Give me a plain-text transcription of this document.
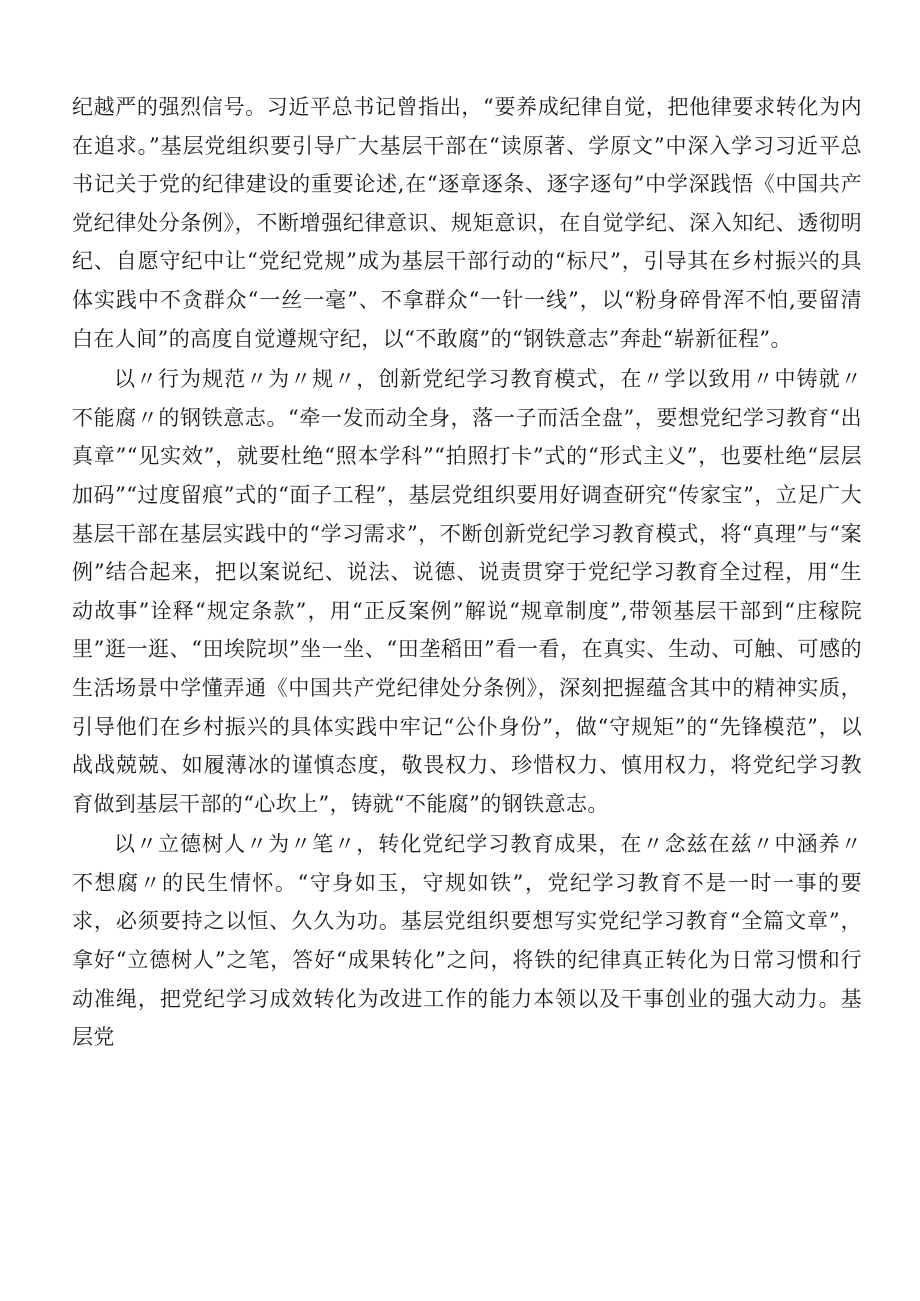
纪越严的强烈信号。习近平总书记曾指出，“要养成纪律自觉，把他律要求转化为内在追求。”基层党组织要引导广大基层干部在“读原著、学原文”中深入学习习近平总书记关于党的纪律建设的重要论述,在“逐章逐条、逐字逐句”中学深践悟《中国共产党纪律处分条例》，不断增强纪律意识、规矩意识，在自觉学纪、深入知纪、透彻明纪、自愿守纪中让“党纪党规”成为基层干部行动的“标尺”，引导其在乡村振兴的具体实践中不贪群众“一丝一毫”、不拿群众“一针一线”，以“粉身碎骨浑不怕,要留清白在人间”的高度自觉遵规守纪，以“不敢腐”的“钢铁意志”奔赴“崭新征程”。

以〃行为规范〃为〃规〃，创新党纪学习教育模式，在〃学以致用〃中铸就〃不能腐〃的钢铁意志。“牵一发而动全身，落一子而活全盘”，要想党纪学习教育“出真章”“见实效”，就要杜绝“照本学科”“拍照打卡”式的“形式主义”，也要杜绝“层层加码”“过度留痕”式的“面子工程”，基层党组织要用好调查研究“传家宝”，立足广大基层干部在基层实践中的“学习需求”，不断创新党纪学习教育模式，将“真理”与“案例”结合起来，把以案说纪、说法、说德、说责贯穿于党纪学习教育全过程，用“生动故事”诠释“规定条款”，用“正反案例”解说“规章制度”,带领基层干部到“庄稼院里”逛一逛、“田埃院坝”坐一坐、“田垄稻田”看一看，在真实、生动、可触、可感的生活场景中学懂弄通《中国共产党纪律处分条例》，深刻把握蕴含其中的精神实质，引导他们在乡村振兴的具体实践中牢记“公仆身份”，做“守规矩”的“先锋模范”，以战战兢兢、如履薄冰的谨慎态度，敬畏权力、珍惜权力、慎用权力，将党纪学习教育做到基层干部的“心坎上”，铸就“不能腐”的钢铁意志。

以〃立德树人〃为〃笔〃，转化党纪学习教育成果，在〃念兹在兹〃中涵养〃不想腐〃的民生情怀。“守身如玉，守规如铁”，党纪学习教育不是一时一事的要求，必须要持之以恒、久久为功。基层党组织要想写实党纪学习教育“全篇文章”，拿好“立德树人”之笔，答好“成果转化”之问，将铁的纪律真正转化为日常习惯和行动准绳，把党纪学习成效转化为改进工作的能力本领以及干事创业的强大动力。基层党
